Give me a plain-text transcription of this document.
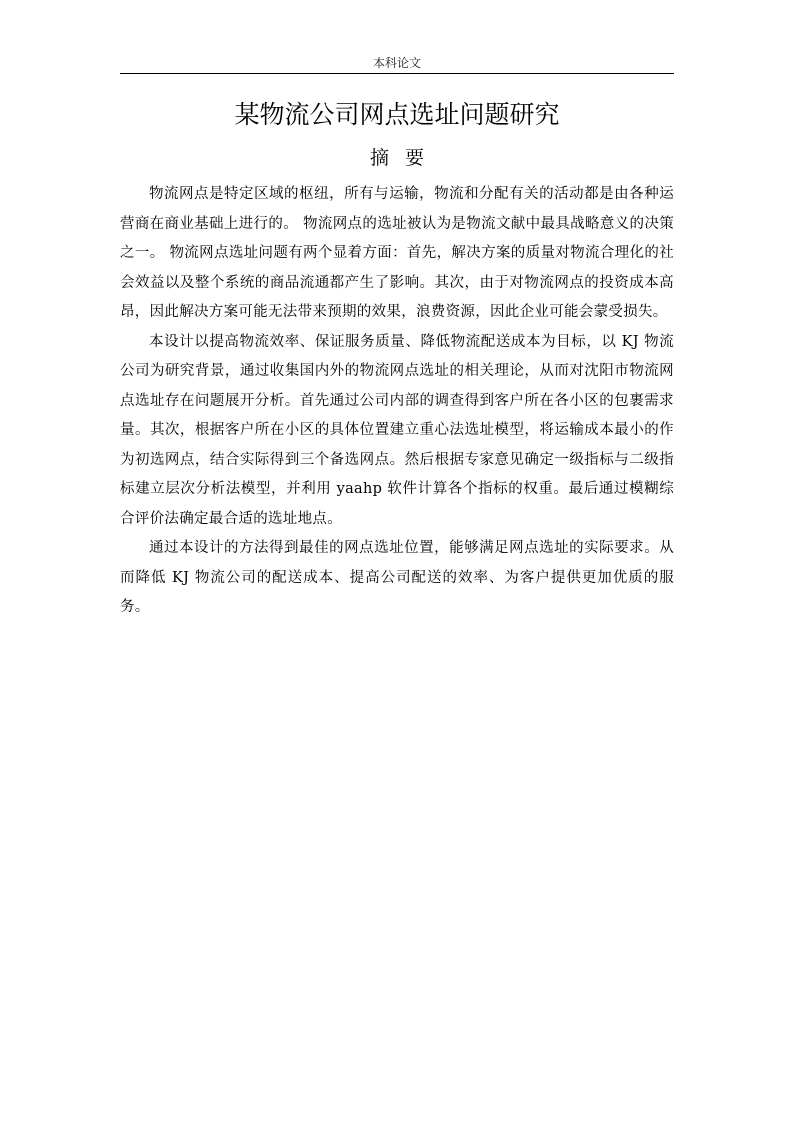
本科论文
某物流公司网点选址问题研究
摘要

物流网点是特定区域的枢纽，所有与运输，物流和分配有关的活动都是由各种运营商在商业基础上进行的。 物流网点的选址被认为是物流文献中最具战略意义的决策之一。 物流网点选址问题有两个显着方面：首先，解决方案的质量对物流合理化的社会效益以及整个系统的商品流通都产生了影响。其次，由于对物流网点的投资成本高昂，因此解决方案可能无法带来预期的效果，浪费资源，因此企业可能会蒙受损失。

本设计以提高物流效率、保证服务质量、降低物流配送成本为目标，以 KJ 物流公司为研究背景，通过收集国内外的物流网点选址的相关理论，从而对沈阳市物流网点选址存在问题展开分析。首先通过公司内部的调查得到客户所在各小区的包裹需求量。其次，根据客户所在小区的具体位置建立重心法选址模型，将运输成本最小的作为初选网点，结合实际得到三个备选网点。然后根据专家意见确定一级指标与二级指标建立层次分析法模型，并利用 yaahp 软件计算各个指标的权重。最后通过模糊综合评价法确定最合适的选址地点。

通过本设计的方法得到最佳的网点选址位置，能够满足网点选址的实际要求。从而降低 KJ 物流公司的配送成本、提高公司配送的效率、为客户提供更加优质的服务。
